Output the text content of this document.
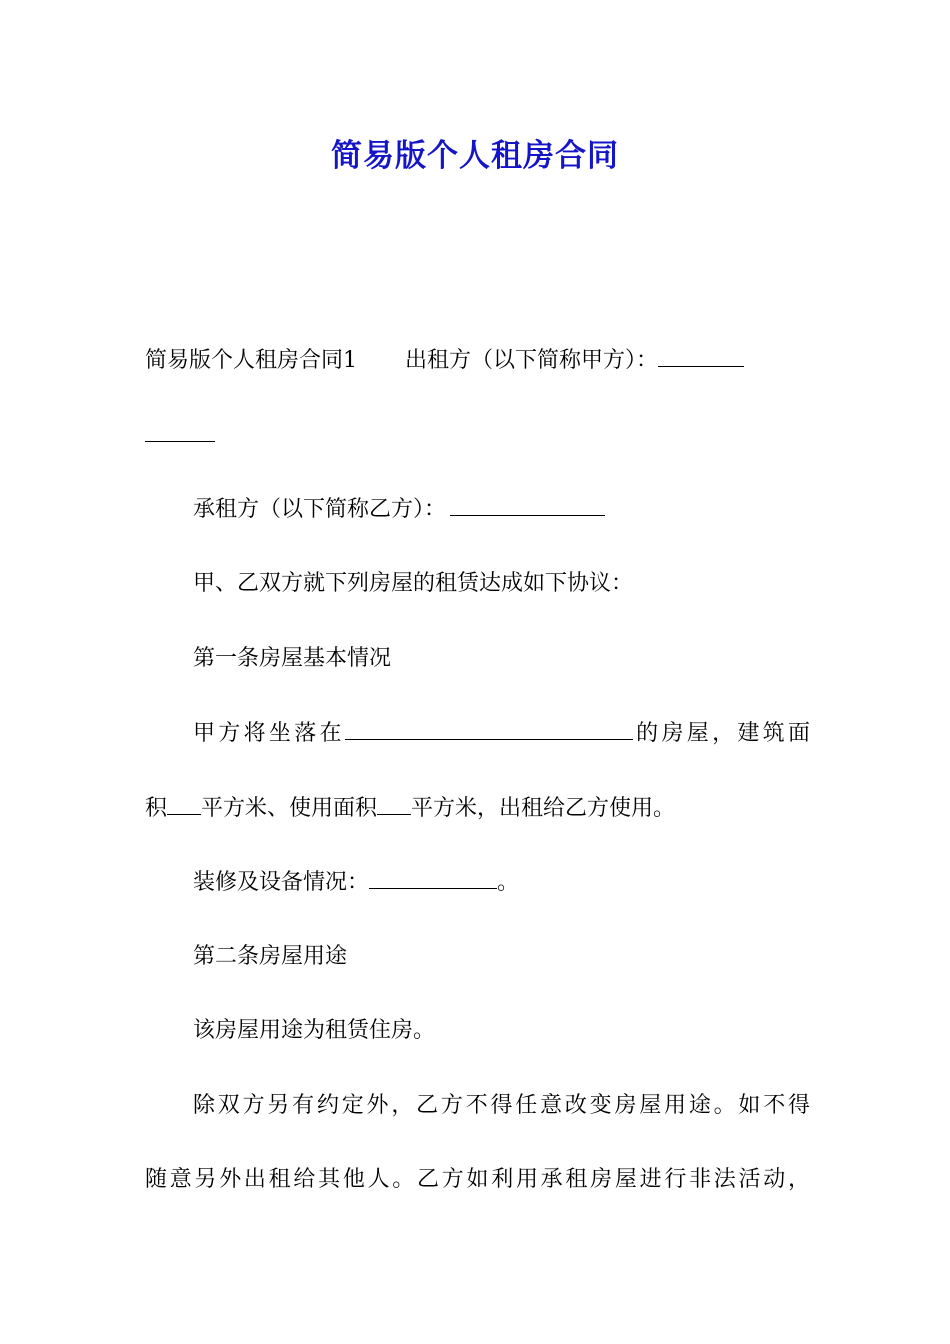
简易版个人租房合同
简易版个人租房合同1 出租方（以下简称甲方）：
承租方（以下简称乙方）：
甲、乙双方就下列房屋的租赁达成如下协议：
第一条房屋基本情况
甲方将坐落在	的房屋，建筑面
积 平方米、使用面积 平方米，出租给乙方使用。
装修及设备情况：	。
第二条房屋用途
该房屋用途为租赁住房。
除双方另有约定外，乙方不得任意改变房屋用途。如不得
随意另外出租给其他人。乙方如利用承租房屋进行非法活动，
